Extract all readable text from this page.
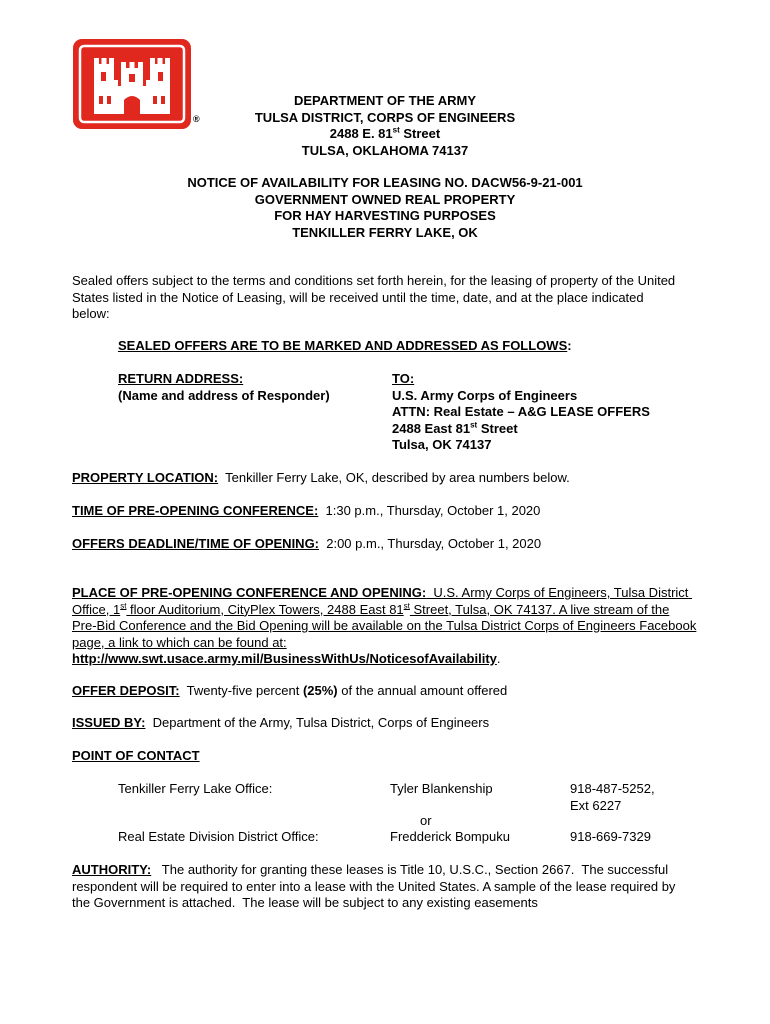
®
DEPARTMENT OF THE ARMY
TULSA DISTRICT, CORPS OF ENGINEERS
2488 E. 81st Street
TULSA, OKLAHOMA 74137
NOTICE OF AVAILABILITY FOR LEASING NO. DACW56-9-21-001
GOVERNMENT OWNED REAL PROPERTY
FOR HAY HARVESTING PURPOSES
TENKILLER FERRY LAKE, OK
Sealed offers subject to the terms and conditions set forth herein, for the leasing of property of the United States listed in the Notice of Leasing, will be received until the time, date, and at the place indicated below:
SEALED OFFERS ARE TO BE MARKED AND ADDRESSED AS FOLLOWS:
RETURN ADDRESS:
(Name and address of Responder)
TO:
U.S. Army Corps of Engineers
ATTN: Real Estate – A&G LEASE OFFERS
2488 East 81st Street
Tulsa, OK 74137
PROPERTY LOCATION:  Tenkiller Ferry Lake, OK, described by area numbers below.
TIME OF PRE-OPENING CONFERENCE:  1:30 p.m., Thursday, October 1, 2020
OFFERS DEADLINE/TIME OF OPENING:  2:00 p.m., Thursday, October 1, 2020
PLACE OF PRE-OPENING CONFERENCE AND OPENING:  U.S. Army Corps of Engineers, Tulsa District Office, 1st floor Auditorium, CityPlex Towers, 2488 East 81st Street, Tulsa, OK 74137. A live stream of the Pre-Bid Conference and the Bid Opening will be available on the Tulsa District Corps of Engineers Facebook page, a link to which can be found at: http://www.swt.usace.army.mil/BusinessWithUs/NoticesofAvailability.
OFFER DEPOSIT:  Twenty-five percent (25%) of the annual amount offered
ISSUED BY:  Department of the Army, Tulsa District, Corps of Engineers
POINT OF CONTACT
Tenkiller Ferry Lake Office:	Tyler Blankenship	918-487-5252,
Ext 6227
or
Real Estate Division District Office:	Fredderick Bompuku	918-669-7329
AUTHORITY:   The authority for granting these leases is Title 10, U.S.C., Section 2667.  The successful respondent will be required to enter into a lease with the United States. A sample of the lease required by the Government is attached.  The lease will be subject to any existing easements
